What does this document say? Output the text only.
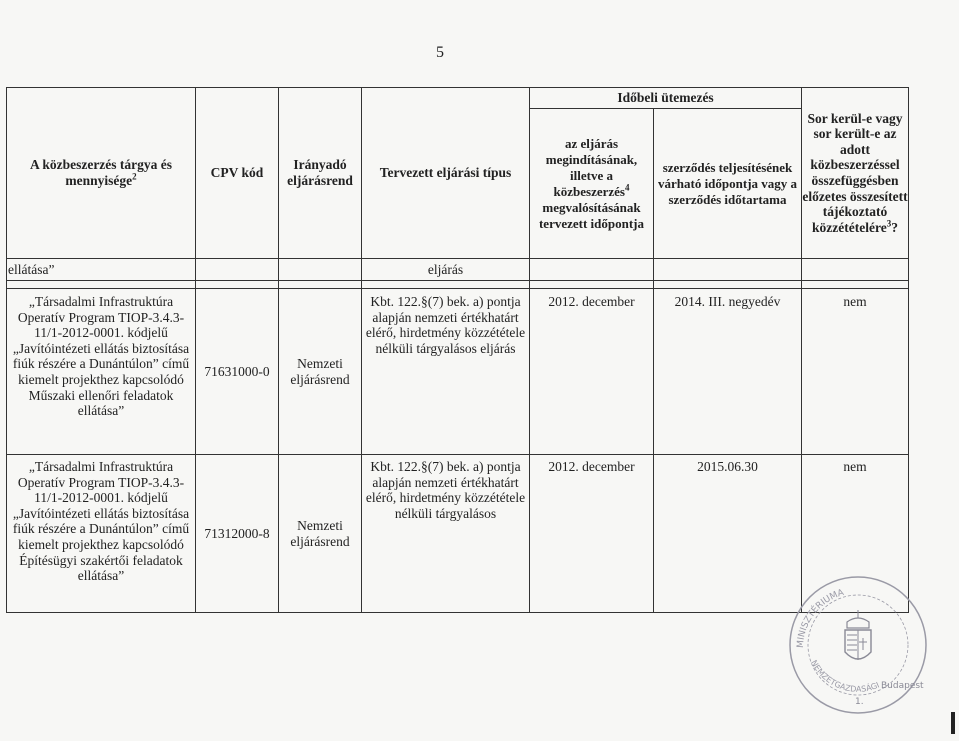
5
A közbeszerzés tárgya és mennyisége$^2$	CPV kód	Irányadó eljárásrend	Tervezett eljárási típus	Időbeli ütemezés		Sor kerül-e vagy sor került-e az adott közbeszerzéssel összefüggésben előzetes összesített tájékoztató közzétételére$^3$?
				az eljárás megindításának, illetve a közbeszerzés$^4$ megvalósításának tervezett időpontja	szerződés teljesítésének várható időpontja vagy a szerződés időtartama	
ellátása”			eljárás			

„Társadalmi Infrastruktúra Operatív Program TIOP-3.4.3-11/1-2012-0001. kódjelű „Javítóintézeti ellátás biztosítása fiúk részére a Dunántúlon” című kiemelt projekthez kapcsolódó Műszaki ellenőri feladatok ellátása”	71631000-0	Nemzeti eljárásrend	Kbt. 122.§(7) bek. a) pontja alapján nemzeti értékhatárt elérő, hirdetmény közzététele nélküli tárgyalásos eljárás	2012. december	2014. III. negyedév	nem
„Társadalmi Infrastruktúra Operatív Program TIOP-3.4.3-11/1-2012-0001. kódjelű „Javítóintézeti ellátás biztosítása fiúk részére a Dunántúlon” című kiemelt projekthez kapcsolódó Építésügyi szakértői feladatok ellátása”	71312000-8	Nemzeti eljárásrend	Kbt. 122.§(7) bek. a) pontja alapján nemzeti értékhatárt elérő, hirdetmény közzététele nélküli tárgyalásos	2012. december	2015.06.30	nem
MINISZTÉRIUMA
NEMZETGAZDASÁGI Budapest
1.
